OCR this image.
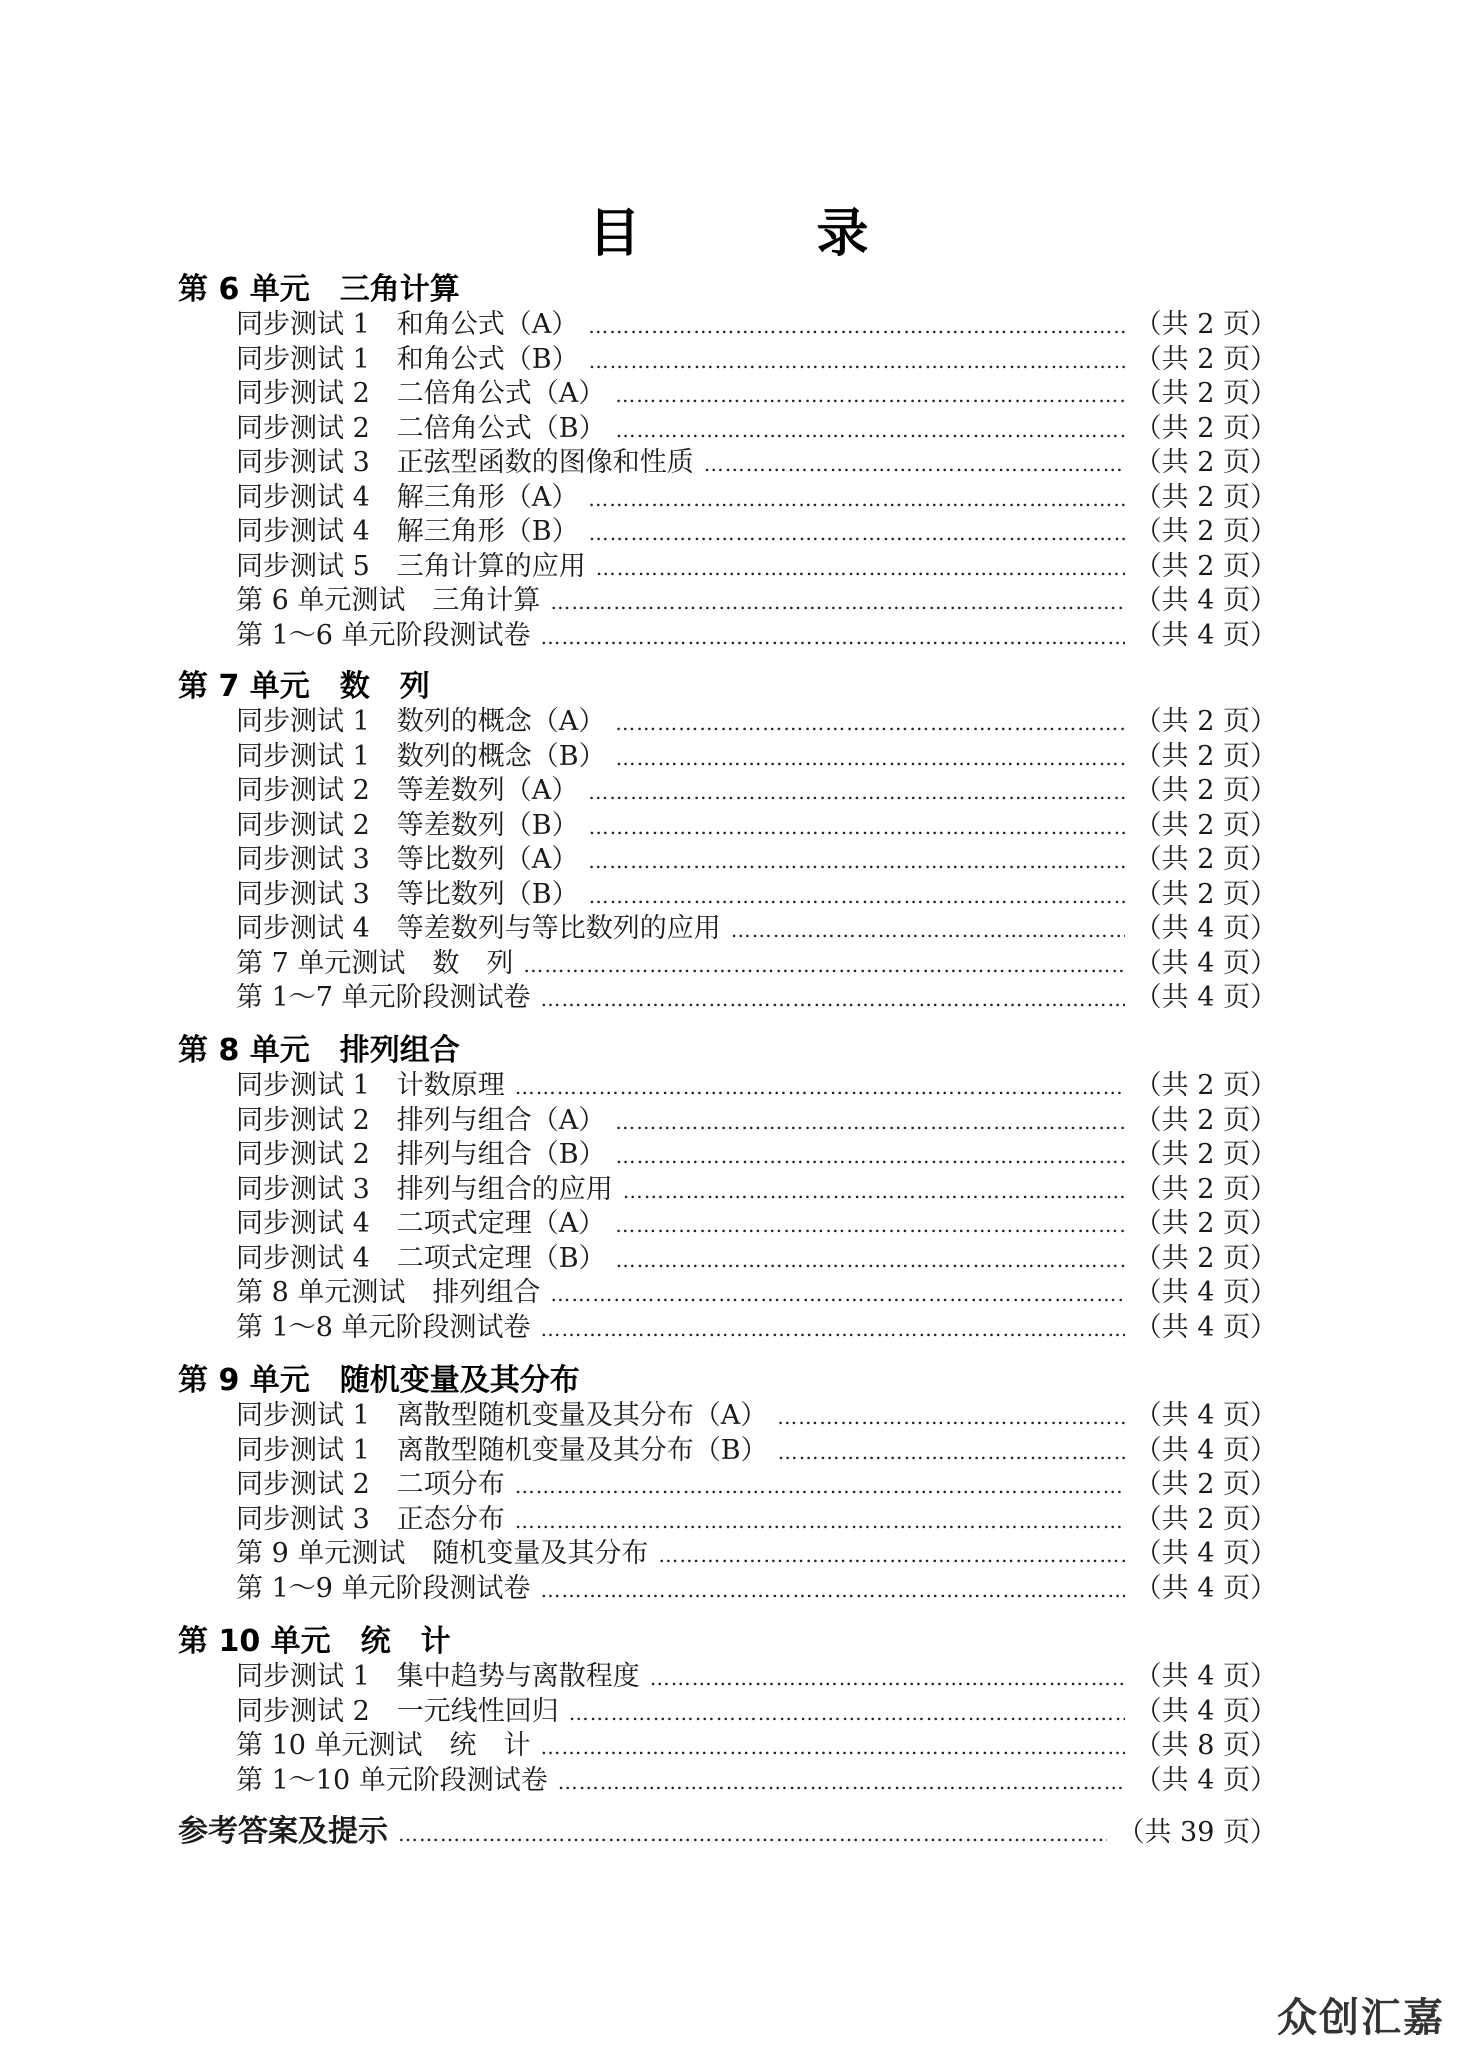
目　录
第 6 单元　三角计算
同步测试 1　和角公式（A） …………………………………………………………………………………………………………………………………………………………………………………………	（共 2 页）
同步测试 1　和角公式（B） …………………………………………………………………………………………………………………………………………………………………………………………	（共 2 页）
同步测试 2　二倍角公式（A） …………………………………………………………………………………………………………………………………………………………………………………………	（共 2 页）
同步测试 2　二倍角公式（B） …………………………………………………………………………………………………………………………………………………………………………………………	（共 2 页）
同步测试 3　正弦型函数的图像和性质 …………………………………………………………………………………………………………………………………………………………………………………………	（共 2 页）
同步测试 4　解三角形（A） …………………………………………………………………………………………………………………………………………………………………………………………	（共 2 页）
同步测试 4　解三角形（B） …………………………………………………………………………………………………………………………………………………………………………………………	（共 2 页）
同步测试 5　三角计算的应用 …………………………………………………………………………………………………………………………………………………………………………………………	（共 2 页）
第 6 单元测试　三角计算 …………………………………………………………………………………………………………………………………………………………………………………………	（共 4 页）
第 1～6 单元阶段测试卷 …………………………………………………………………………………………………………………………………………………………………………………………	（共 4 页）
第 7 单元　数　列
同步测试 1　数列的概念（A） …………………………………………………………………………………………………………………………………………………………………………………………	（共 2 页）
同步测试 1　数列的概念（B） …………………………………………………………………………………………………………………………………………………………………………………………	（共 2 页）
同步测试 2　等差数列（A） …………………………………………………………………………………………………………………………………………………………………………………………	（共 2 页）
同步测试 2　等差数列（B） …………………………………………………………………………………………………………………………………………………………………………………………	（共 2 页）
同步测试 3　等比数列（A） …………………………………………………………………………………………………………………………………………………………………………………………	（共 2 页）
同步测试 3　等比数列（B） …………………………………………………………………………………………………………………………………………………………………………………………	（共 2 页）
同步测试 4　等差数列与等比数列的应用 …………………………………………………………………………………………………………………………………………………………………………………………	（共 4 页）
第 7 单元测试　数　列 …………………………………………………………………………………………………………………………………………………………………………………………	（共 4 页）
第 1～7 单元阶段测试卷 …………………………………………………………………………………………………………………………………………………………………………………………	（共 4 页）
第 8 单元　排列组合
同步测试 1　计数原理 …………………………………………………………………………………………………………………………………………………………………………………………	（共 2 页）
同步测试 2　排列与组合（A） …………………………………………………………………………………………………………………………………………………………………………………………	（共 2 页）
同步测试 2　排列与组合（B） …………………………………………………………………………………………………………………………………………………………………………………………	（共 2 页）
同步测试 3　排列与组合的应用 …………………………………………………………………………………………………………………………………………………………………………………………	（共 2 页）
同步测试 4　二项式定理（A） …………………………………………………………………………………………………………………………………………………………………………………………	（共 2 页）
同步测试 4　二项式定理（B） …………………………………………………………………………………………………………………………………………………………………………………………	（共 2 页）
第 8 单元测试　排列组合 …………………………………………………………………………………………………………………………………………………………………………………………	（共 4 页）
第 1～8 单元阶段测试卷 …………………………………………………………………………………………………………………………………………………………………………………………	（共 4 页）
第 9 单元　随机变量及其分布
同步测试 1　离散型随机变量及其分布（A） …………………………………………………………………………………………………………………………………………………………………………………………	（共 4 页）
同步测试 1　离散型随机变量及其分布（B） …………………………………………………………………………………………………………………………………………………………………………………………	（共 4 页）
同步测试 2　二项分布 …………………………………………………………………………………………………………………………………………………………………………………………	（共 2 页）
同步测试 3　正态分布 …………………………………………………………………………………………………………………………………………………………………………………………	（共 2 页）
第 9 单元测试　随机变量及其分布 …………………………………………………………………………………………………………………………………………………………………………………………	（共 4 页）
第 1～9 单元阶段测试卷 …………………………………………………………………………………………………………………………………………………………………………………………	（共 4 页）
第 10 单元　统　计
同步测试 1　集中趋势与离散程度 …………………………………………………………………………………………………………………………………………………………………………………………	（共 4 页）
同步测试 2　一元线性回归 …………………………………………………………………………………………………………………………………………………………………………………………	（共 4 页）
第 10 单元测试　统　计 …………………………………………………………………………………………………………………………………………………………………………………………	（共 8 页）
第 1～10 单元阶段测试卷 …………………………………………………………………………………………………………………………………………………………………………………………	（共 4 页）
参考答案及提示 …………………………………………………………………………………………………………………………………………………………………………………………	（共 39 页）
众创汇嘉
